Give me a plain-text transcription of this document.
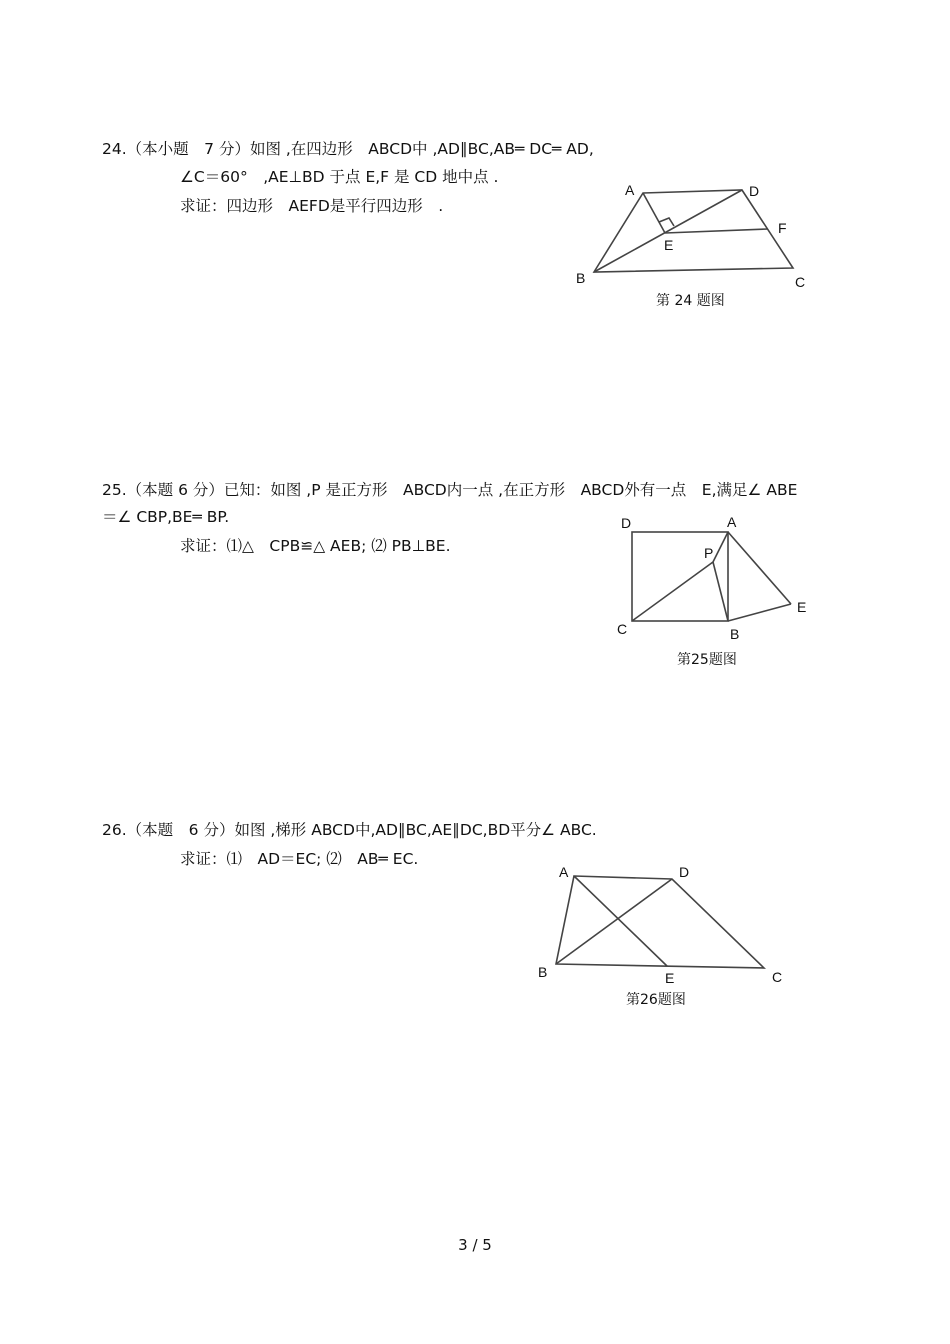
24.（本小题　7 分）如图 ,在四边形　ABCD中 ,AD∥BC,AB═ DC═ AD,
∠C＝60°　,AE⊥BD 于点 E,F 是 CD 地中点 .
求证：四边形　AEFD是平行四边形　.
A	D
F
E
B	C
第 24 题图
25.（本题 6 分）已知：如图 ,P 是正方形　ABCD内一点 ,在正方形　ABCD外有一点　E,满足∠ ABE
＝∠ CBP,BE═ BP.
求证：⑴△　CPB≌△ AEB; ⑵ PB⊥BE.
D	A
P
E
C	B
第25题图
26.（本题　6 分）如图 ,梯形 ABCD中,AD∥BC,AE∥DC,BD平分∠ ABC.
求证：⑴　AD＝EC; ⑵　AB═ EC.
A	D
B	E	C
第26题图
3 / 5
